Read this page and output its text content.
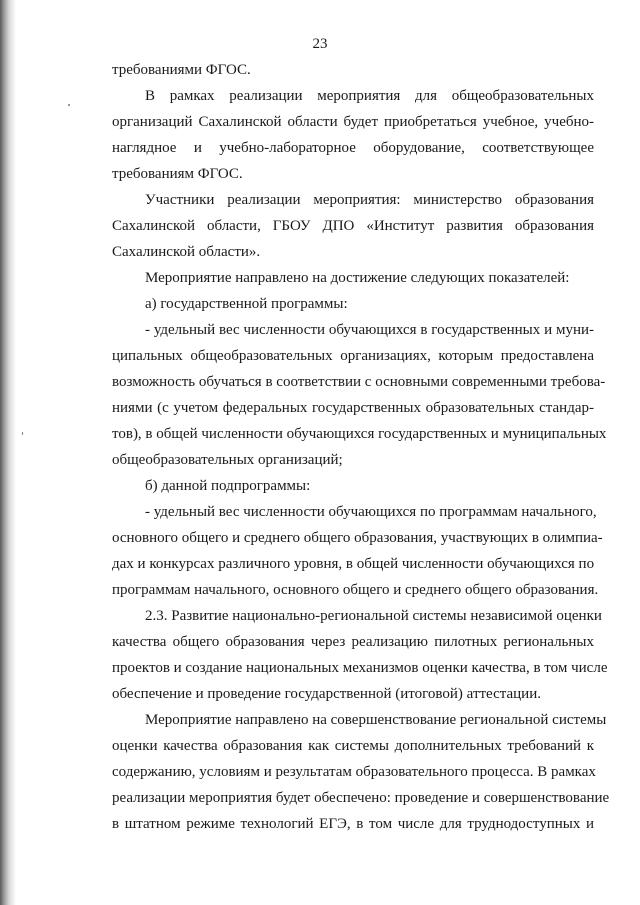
23
требованиями ФГОС.
В рамках реализации мероприятия для общеобразовательных
организаций Сахалинской области будет приобретаться учебное, учебно-
наглядное и учебно-лабораторное оборудование, соответствующее
требованиям ФГОС.
Участники реализации мероприятия: министерство образования
Сахалинской области, ГБОУ ДПО «Институт развития образования
Сахалинской области».
Мероприятие направлено на достижение следующих показателей:
а) государственной программы:
- удельный вес численности обучающихся в государственных и муни-
ципальных общеобразовательных организациях, которым предоставлена
возможность обучаться в соответствии с основными современными требова-
ниями (с учетом федеральных государственных образовательных стандар-
тов), в общей численности обучающихся государственных и муниципальных
общеобразовательных организаций;
б) данной подпрограммы:
- удельный вес численности обучающихся по программам начального,
основного общего и среднего общего образования, участвующих в олимпиа-
дах и конкурсах различного уровня, в общей численности обучающихся по
программам начального, основного общего и среднего общего образования.
2.3. Развитие национально-региональной системы независимой оценки
качества общего образования через реализацию пилотных региональных
проектов и создание национальных механизмов оценки качества, в том числе
обеспечение и проведение государственной (итоговой) аттестации.
Мероприятие направлено на совершенствование региональной системы
оценки качества образования как системы дополнительных требований к
содержанию, условиям и результатам образовательного процесса. В рамках
реализации мероприятия будет обеспечено: проведение и совершенствование
в штатном режиме технологий ЕГЭ, в том числе для труднодоступных и
